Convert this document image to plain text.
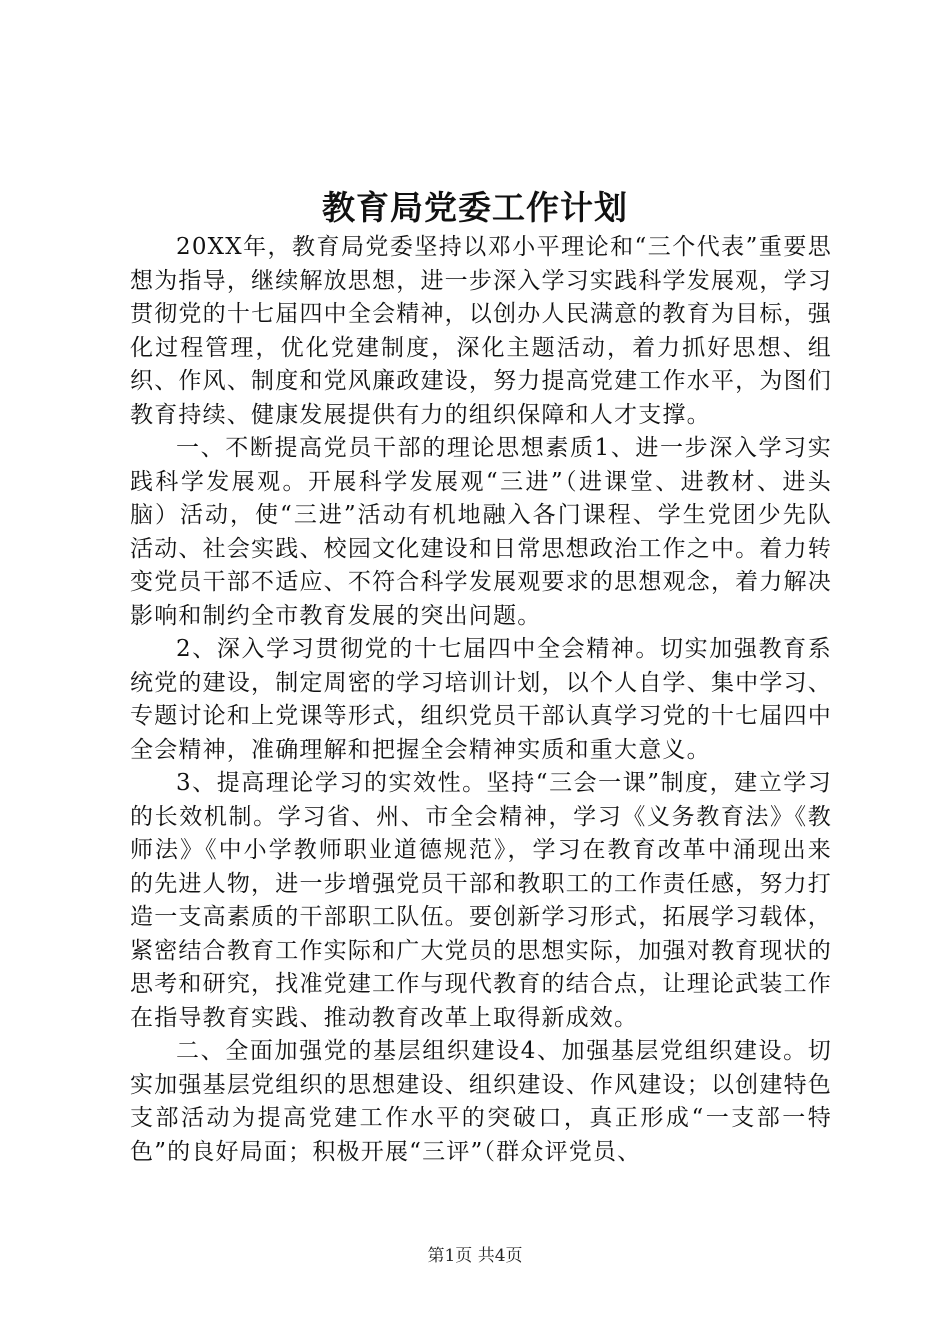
教育局党委工作计划

20XX年，教育局党委坚持以邓小平理论和“三个代表”重要思想为指导，继续解放思想，进一步深入学习实践科学发展观，学习贯彻党的十七届四中全会精神，以创办人民满意的教育为目标，强化过程管理，优化党建制度，深化主题活动，着力抓好思想、组织、作风、制度和党风廉政建设，努力提高党建工作水平，为图们教育持续、健康发展提供有力的组织保障和人才支撑。

一、不断提高党员干部的理论思想素质1、进一步深入学习实践科学发展观。开展科学发展观“三进”（进课堂、进教材、进头脑）活动，使“三进”活动有机地融入各门课程、学生党团少先队活动、社会实践、校园文化建设和日常思想政治工作之中。着力转变党员干部不适应、不符合科学发展观要求的思想观念，着力解决影响和制约全市教育发展的突出问题。

2、深入学习贯彻党的十七届四中全会精神。切实加强教育系统党的建设，制定周密的学习培训计划，以个人自学、集中学习、专题讨论和上党课等形式，组织党员干部认真学习党的十七届四中全会精神，准确理解和把握全会精神实质和重大意义。

3、提高理论学习的实效性。坚持“三会一课”制度，建立学习的长效机制。学习省、州、市全会精神，学习《义务教育法》《教师法》《中小学教师职业道德规范》，学习在教育改革中涌现出来的先进人物，进一步增强党员干部和教职工的工作责任感，努力打造一支高素质的干部职工队伍。要创新学习形式，拓展学习载体，紧密结合教育工作实际和广大党员的思想实际，加强对教育现状的思考和研究，找准党建工作与现代教育的结合点，让理论武装工作在指导教育实践、推动教育改革上取得新成效。

二、全面加强党的基层组织建设4、加强基层党组织建设。切实加强基层党组织的思想建设、组织建设、作风建设；以创建特色支部活动为提高党建工作水平的突破口，真正形成“一支部一特色”的良好局面；积极开展“三评”（群众评党员、

第1页 共4页
